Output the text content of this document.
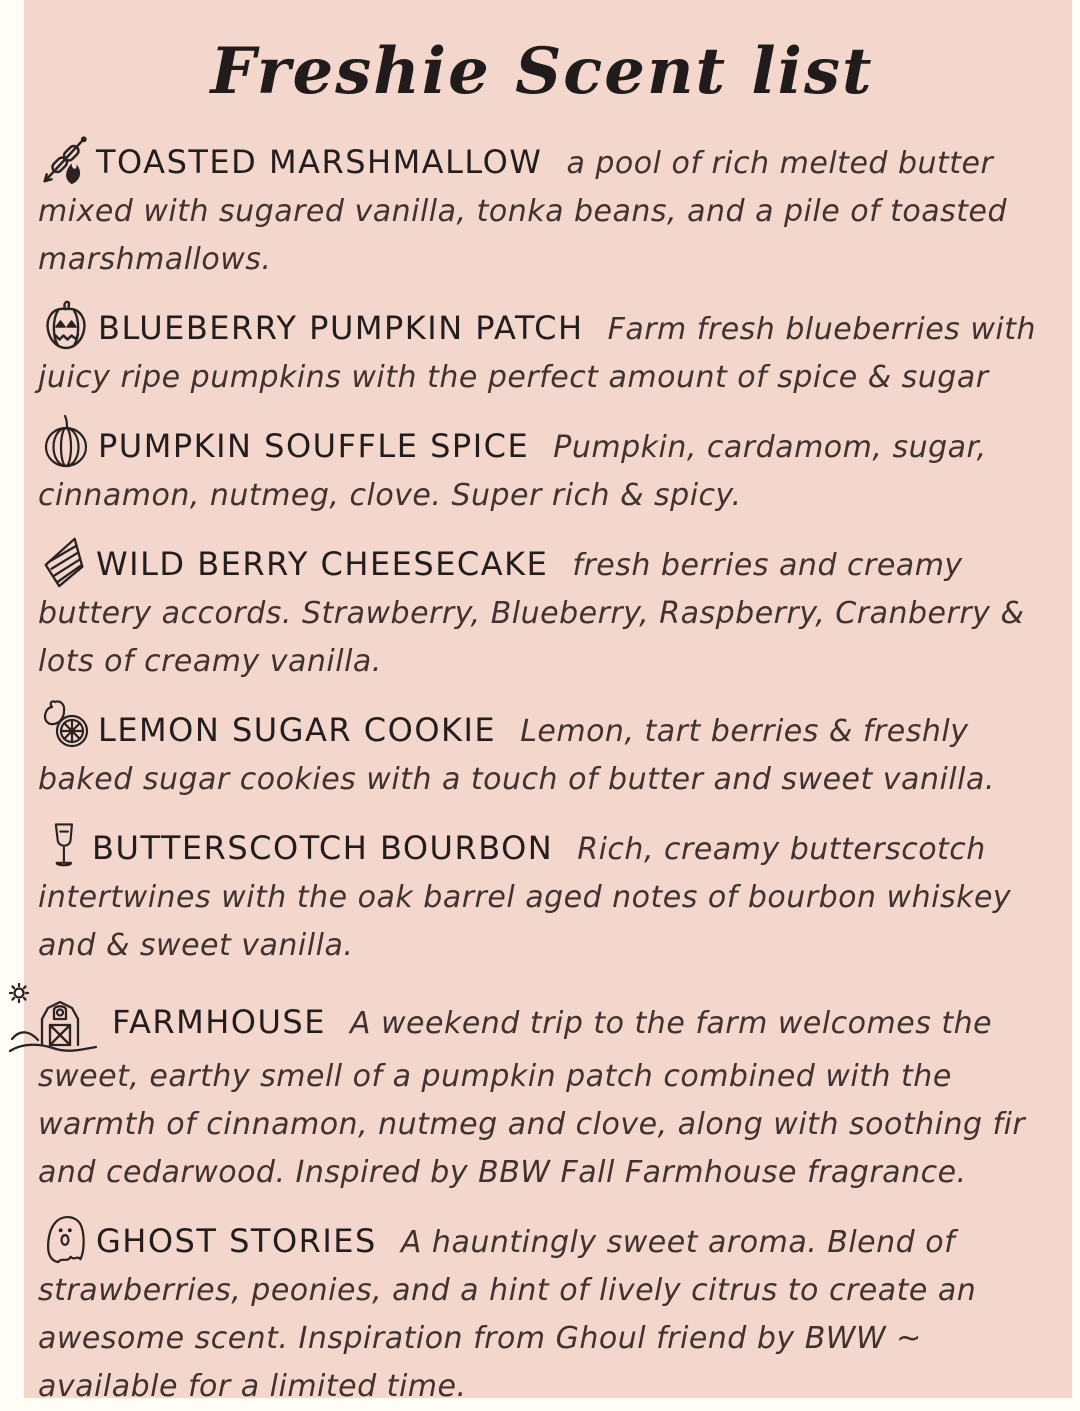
Freshie Scent list

TOASTED MARSHMALLOW a pool of rich melted butter mixed with sugared vanilla, tonka beans, and a pile of toasted marshmallows.

BLUEBERRY PUMPKIN PATCH Farm fresh blueberries with juicy ripe pumpkins with the perfect amount of spice & sugar

PUMPKIN SOUFFLE SPICE Pumpkin, cardamom, sugar, cinnamon, nutmeg, clove. Super rich & spicy.

WILD BERRY CHEESECAKE fresh berries and creamy buttery accords. Strawberry, Blueberry, Raspberry, Cranberry & lots of creamy vanilla.

LEMON SUGAR COOKIE Lemon, tart berries & freshly baked sugar cookies with a touch of butter and sweet vanilla.

BUTTERSCOTCH BOURBON Rich, creamy butterscotch intertwines with the oak barrel aged notes of bourbon whiskey and & sweet vanilla.

FARMHOUSE A weekend trip to the farm welcomes the sweet, earthy smell of a pumpkin patch combined with the warmth of cinnamon, nutmeg and clove, along with soothing fir and cedarwood. Inspired by BBW Fall Farmhouse fragrance.

GHOST STORIES A hauntingly sweet aroma. Blend of strawberries, peonies, and a hint of lively citrus to create an awesome scent. Inspiration from Ghoul friend by BWW ~ available for a limited time.
